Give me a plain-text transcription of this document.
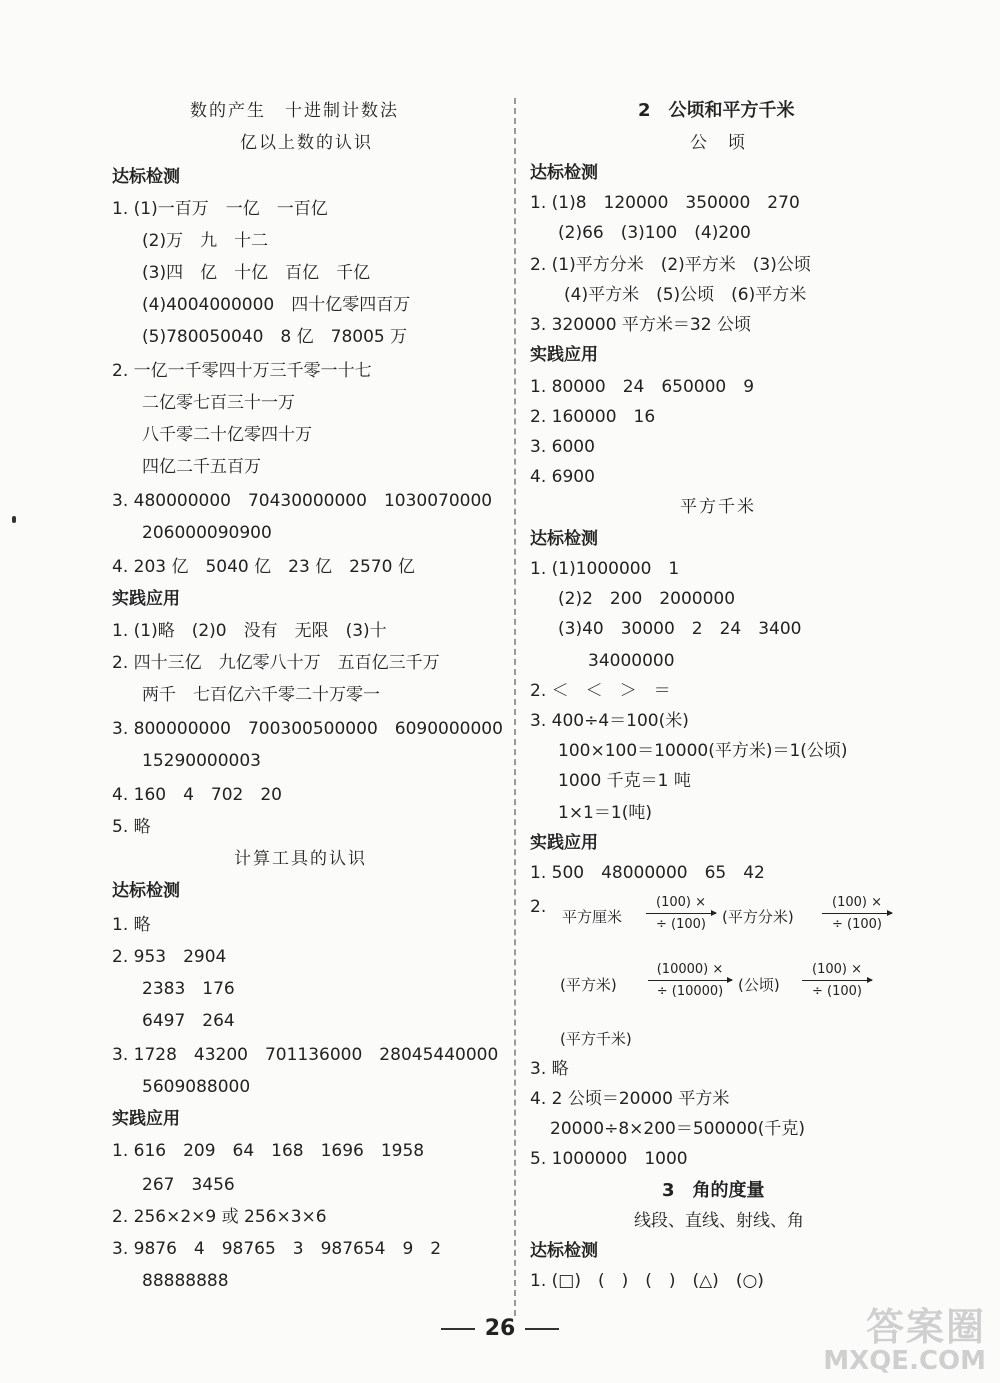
数的产生　十进制计数法
亿以上数的认识
达标检测
1. (1)一百万　一亿　一百亿
(2)万　九　十二
(3)四　亿　十亿　百亿　千亿
(4)4004000000　四十亿零四百万
(5)780050040　8 亿　78005 万
2. 一亿一千零四十万三千零一十七
二亿零七百三十一万
八千零二十亿零四十万
四亿二千五百万
3. 480000000　70430000000　1030070000
206000090900
4. 203 亿　5040 亿　23 亿　2570 亿
实践应用
1. (1)略　(2)0　没有　无限　(3)十
2. 四十三亿　九亿零八十万　五百亿三千万
两千　七百亿六千零二十万零一
3. 800000000　700300500000　6090000000
15290000003
4. 160　4　702　20
5. 略
计算工具的认识
达标检测
1. 略
2. 953　2904
2383　176
6497　264
3. 1728　43200　701136000　28045440000
5609088000
实践应用
1. 616　209　64　168　1696　1958
267　3456
2. 256×2×9 或 256×3×6
3. 9876　4　98765　3　987654　9　2
88888888
2　公顷和平方千米
公　顷
达标检测
1. (1)8　120000　350000　270
(2)66　(3)100　(4)200
2. (1)平方分米　(2)平方米　(3)公顷
(4)平方米　(5)公顷　(6)平方米
3. 320000 平方米＝32 公顷
实践应用
1. 80000　24　650000　9
2. 160000　16
3. 6000
4. 6900
平方千米
达标检测
1. (1)1000000　1
(2)2　200　2000000
(3)40　30000　2　24　3400
34000000
2. ＜　＜　＞　＝
3. 400÷4＝100(米)
100×100＝10000(平方米)＝1(公顷)
1000 千克＝1 吨
1×1＝1(吨)
实践应用
1. 500　48000000　65　42
2. 平方厘米
(100) ×
÷ (100)	(平方分米)
(100) ×
÷ (100)
(平方米)
(10000) ×
÷ (10000) (公顷)
(100) ×
÷ (100)
(平方千米)
3. 略
4. 2 公顷＝20000 平方米
20000÷8×200＝500000(千克)
5. 1000000　1000
3　角的度量
线段、直线、射线、角
达标检测
1. (□)　(　)　(　)　(△)　(○)
26	答案圈
MXQE.COM
